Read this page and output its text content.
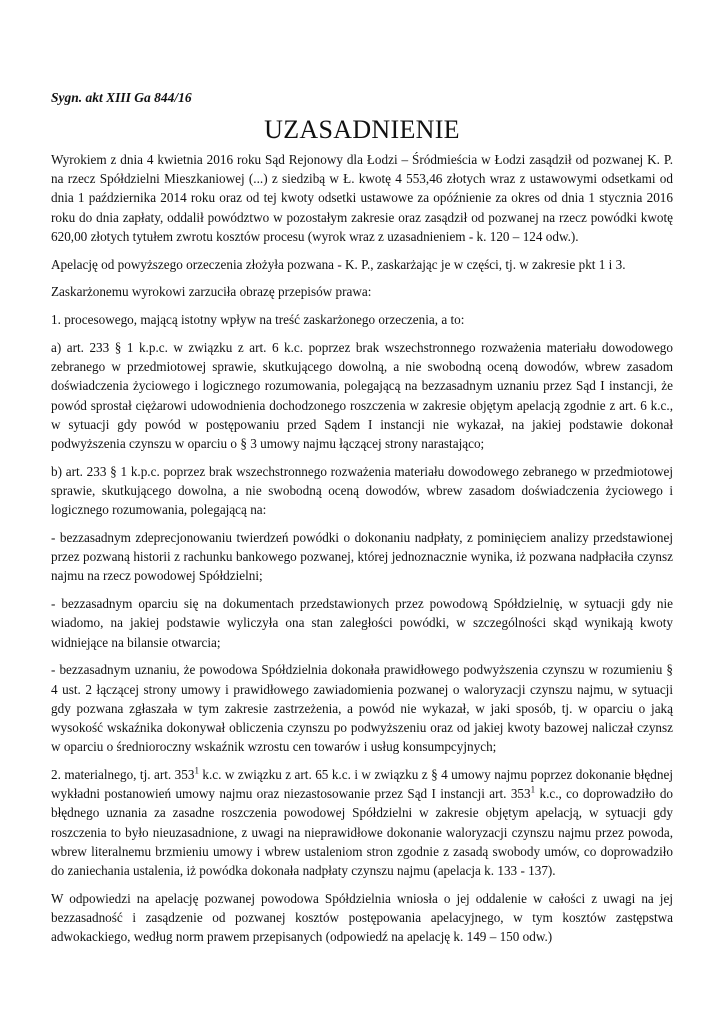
Sygn. akt XIII Ga 844/16
UZASADNIENIE

Wyrokiem z dnia 4 kwietnia 2016 roku Sąd Rejonowy dla Łodzi – Śródmieścia w Łodzi zasądził od pozwanej K. P. na rzecz Spółdzielni Mieszkaniowej (...) z siedzibą w Ł. kwotę 4 553,46 złotych wraz z ustawowymi odsetkami od dnia 1 października 2014 roku oraz od tej kwoty odsetki ustawowe za opóźnienie za okres od dnia 1 stycznia 2016 roku do dnia zapłaty, oddalił powództwo w pozostałym zakresie oraz zasądził od pozwanej na rzecz powódki kwotę 620,00 złotych tytułem zwrotu kosztów procesu (wyrok wraz z uzasadnieniem - k. 120 – 124 odw.).

Apelację od powyższego orzeczenia złożyła pozwana - K. P., zaskarżając je w części, tj. w zakresie pkt 1 i 3.

Zaskarżonemu wyrokowi zarzuciła obrazę przepisów prawa:

1. procesowego, mającą istotny wpływ na treść zaskarżonego orzeczenia, a to:

a) art. 233 § 1 k.p.c. w związku z art. 6 k.c. poprzez brak wszechstronnego rozważenia materiału dowodowego zebranego w przedmiotowej sprawie, skutkującego dowolną, a nie swobodną oceną dowodów, wbrew zasadom doświadczenia życiowego i logicznego rozumowania, polegającą na bezzasadnym uznaniu przez Sąd I instancji, że powód sprostał ciężarowi udowodnienia dochodzonego roszczenia w zakresie objętym apelacją zgodnie z art. 6 k.c., w sytuacji gdy powód w postępowaniu przed Sądem I instancji nie wykazał, na jakiej podstawie dokonał podwyższenia czynszu w oparciu o § 3 umowy najmu łączącej strony narastająco;

b) art. 233 § 1 k.p.c. poprzez brak wszechstronnego rozważenia materiału dowodowego zebranego w przedmiotowej sprawie, skutkującego dowolna, a nie swobodną oceną dowodów, wbrew zasadom doświadczenia życiowego i logicznego rozumowania, polegającą na:

- bezzasadnym zdeprecjonowaniu twierdzeń powódki o dokonaniu nadpłaty, z pominięciem analizy przedstawionej przez pozwaną historii z rachunku bankowego pozwanej, której jednoznacznie wynika, iż pozwana nadpłaciła czynsz najmu na rzecz powodowej Spółdzielni;

- bezzasadnym oparciu się na dokumentach przedstawionych przez powodową Spółdzielnię, w sytuacji gdy nie wiadomo, na jakiej podstawie wyliczyła ona stan zaległości powódki, w szczególności skąd wynikają kwoty widniejące na bilansie otwarcia;

- bezzasadnym uznaniu, że powodowa Spółdzielnia dokonała prawidłowego podwyższenia czynszu w rozumieniu § 4 ust. 2 łączącej strony umowy i prawidłowego zawiadomienia pozwanej o waloryzacji czynszu najmu, w sytuacji gdy pozwana zgłaszała w tym zakresie zastrzeżenia, a powód nie wykazał, w jaki sposób, tj. w oparciu o jaką wysokość wskaźnika dokonywał obliczenia czynszu po podwyższeniu oraz od jakiej kwoty bazowej naliczał czynsz w oparciu o średnioroczny wskaźnik wzrostu cen towarów i usług konsumpcyjnych;

2. materialnego, tj. art. $353^1$ k.c. w związku z art. 65 k.c. i w związku z § 4 umowy najmu poprzez dokonanie błędnej wykładni postanowień umowy najmu oraz niezastosowanie przez Sąd I instancji art. $353^1$ k.c., co doprowadziło do błędnego uznania za zasadne roszczenia powodowej Spółdzielni w zakresie objętym apelacją, w sytuacji gdy roszczenia to było nieuzasadnione, z uwagi na nieprawidłowe dokonanie waloryzacji czynszu najmu przez powoda, wbrew literalnemu brzmieniu umowy i wbrew ustaleniom stron zgodnie z zasadą swobody umów, co doprowadziło do zaniechania ustalenia, iż powódka dokonała nadpłaty czynszu najmu (apelacja k. 133 - 137).

W odpowiedzi na apelację pozwanej powodowa Spółdzielnia wniosła o jej oddalenie w całości z uwagi na jej bezzasadność i zasądzenie od pozwanej kosztów postępowania apelacyjnego, w tym kosztów zastępstwa adwokackiego, według norm prawem przepisanych (odpowiedź na apelację k. 149 – 150 odw.)
